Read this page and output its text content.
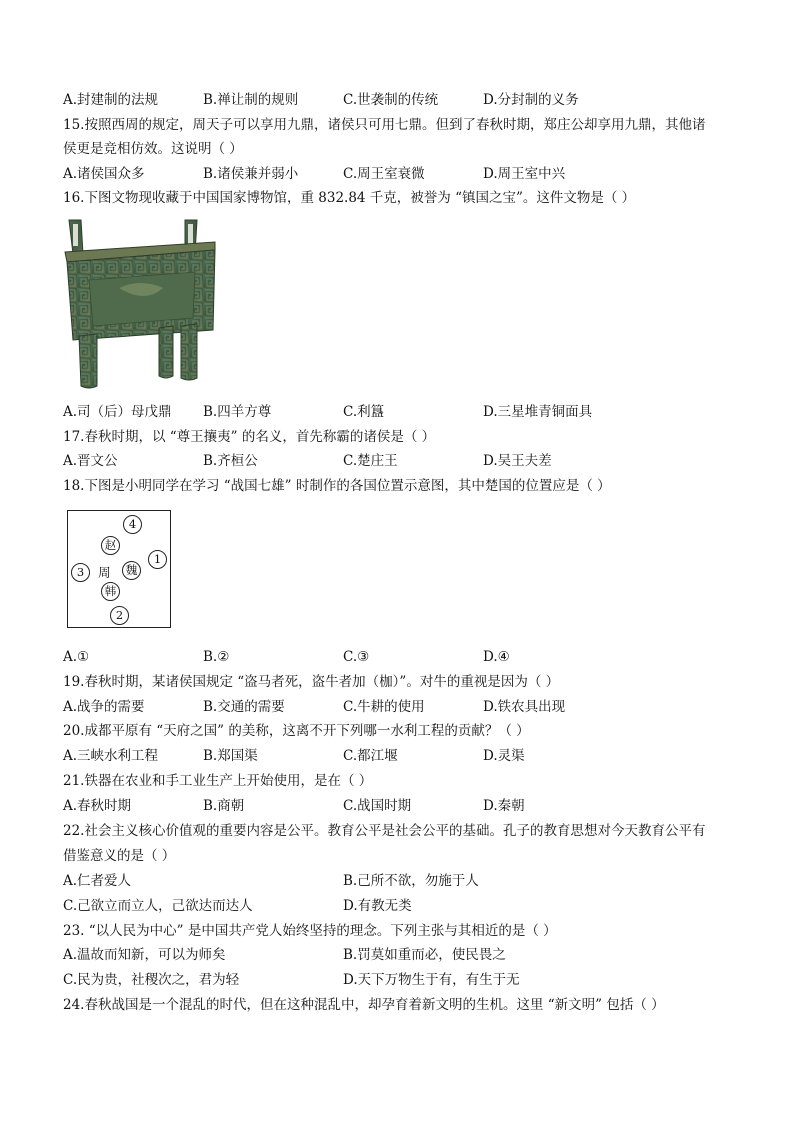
A.封建制的法规	B.禅让制的规则	C.世袭制的传统	D.分封制的义务
15.按照西周的规定，周天子可以享用九鼎，诸侯只可用七鼎。但到了春秋时期，郑庄公却享用九鼎，其他诸
侯更是竞相仿效。这说明（ ）
A.诸侯国众多	B.诸侯兼并弱小	C.周王室衰微	D.周王室中兴
16.下图文物现收藏于中国国家博物馆，重 832.84 千克，被誉为 “镇国之宝”。这件文物是（ ）
A.司（后）母戊鼎 B.四羊方尊	C.利簋	D.三星堆青铜面具
17.春秋时期，以 “尊王攘夷” 的名义，首先称霸的诸侯是（ ）
A.晋文公	B.齐桓公	C.楚庄王	D.吴王夫差
18.下图是小明同学在学习 “战国七雄” 时制作的各国位置示意图，其中楚国的位置应是（ ）
4
赵
1
3	周	魏
韩
2
A.①	B.②	C.③	D.④
19.春秋时期，某诸侯国规定 “盗马者死，盗牛者加（枷）”。对牛的重视是因为（ ）
A.战争的需要	B.交通的需要	C.牛耕的使用	D.铁农具出现
20.成都平原有 “天府之国” 的美称，这离不开下列哪一水利工程的贡献？（ ）
A.三峡水利工程	B.郑国渠	C.都江堰	D.灵渠
21.铁器在农业和手工业生产上开始使用，是在（ ）
A.春秋时期	B.商朝	C.战国时期	D.秦朝
22.社会主义核心价值观的重要内容是公平。教育公平是社会公平的基础。孔子的教育思想对今天教育公平有
借鉴意义的是（ ）
A.仁者爱人	B.己所不欲，勿施于人
C.己欲立而立人，己欲达而达人	D.有教无类
23. “以人民为中心” 是中国共产党人始终坚持的理念。下列主张与其相近的是（ ）
A.温故而知新，可以为师矣	B.罚莫如重而必，使民畏之
C.民为贵，社稷次之，君为轻	D.天下万物生于有，有生于无
24.春秋战国是一个混乱的时代，但在这种混乱中，却孕育着新文明的生机。这里 “新文明” 包括（ ）
